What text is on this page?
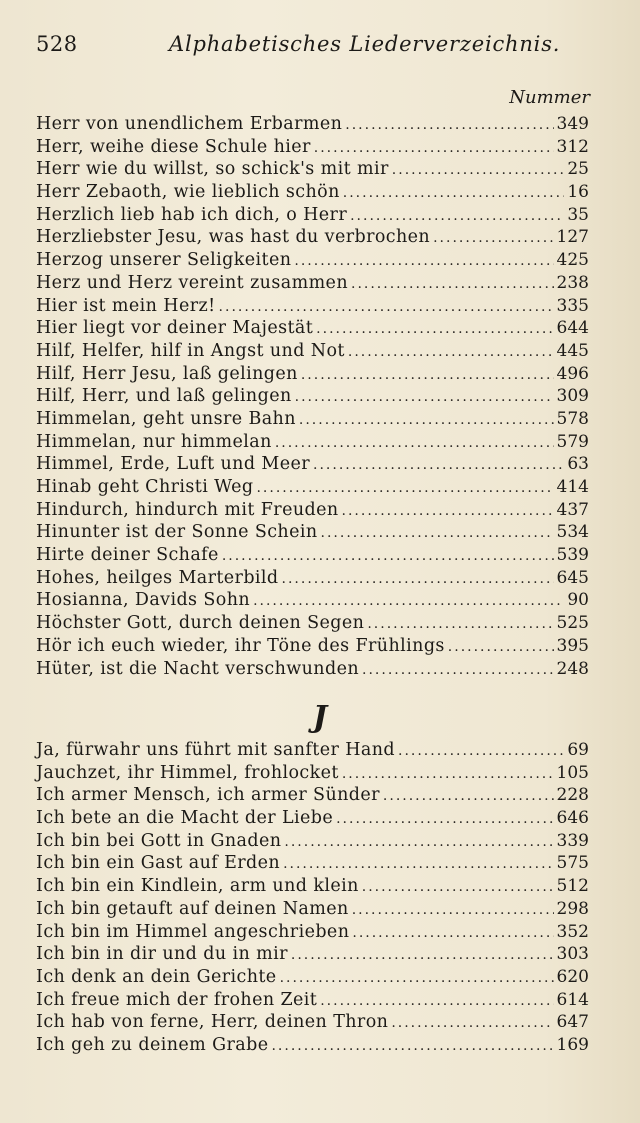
528	Alphabetisches Liederverzeichnis.
Nummer
Herr von unendlichem Erbarmen .....	349
Herr, weihe diese Schule hier .....	312
Herr wie du willst, so schick's mit mir .....	25
Herr Zebaoth, wie lieblich schön .....	16
Herzlich lieb hab ich dich, o Herr .....	35
Herzliebster Jesu, was hast du verbrochen .....	127
Herzog unserer Seligkeiten .....	425
Herz und Herz vereint zusammen .....	238
Hier ist mein Herz! .....	335
Hier liegt vor deiner Majestät .....	644
Hilf, Helfer, hilf in Angst und Not .....	445
Hilf, Herr Jesu, laß gelingen .....	496
Hilf, Herr, und laß gelingen .....	309
Himmelan, geht unsre Bahn .....	578
Himmelan, nur himmelan .....	579
Himmel, Erde, Luft und Meer .....	63
Hinab geht Christi Weg .....	414
Hindurch, hindurch mit Freuden .....	437
Hinunter ist der Sonne Schein .....	534
Hirte deiner Schafe .....	539
Hohes, heilges Marterbild .....	645
Hosianna, Davids Sohn .....	90
Höchster Gott, durch deinen Segen .....	525
Hör ich euch wieder, ihr Töne des Frühlings .....	395
Hüter, ist die Nacht verschwunden .....	248
J
Ja, fürwahr uns führt mit sanfter Hand .....	69
Jauchzet, ihr Himmel, frohlocket .....	105
Ich armer Mensch, ich armer Sünder .....	228
Ich bete an die Macht der Liebe .....	646
Ich bin bei Gott in Gnaden .....	339
Ich bin ein Gast auf Erden .....	575
Ich bin ein Kindlein, arm und klein .....	512
Ich bin getauft auf deinen Namen .....	298
Ich bin im Himmel angeschrieben .....	352
Ich bin in dir und du in mir .....	303
Ich denk an dein Gerichte .....	620
Ich freue mich der frohen Zeit .....	614
Ich hab von ferne, Herr, deinen Thron .....	647
Ich geh zu deinem Grabe .....	169
